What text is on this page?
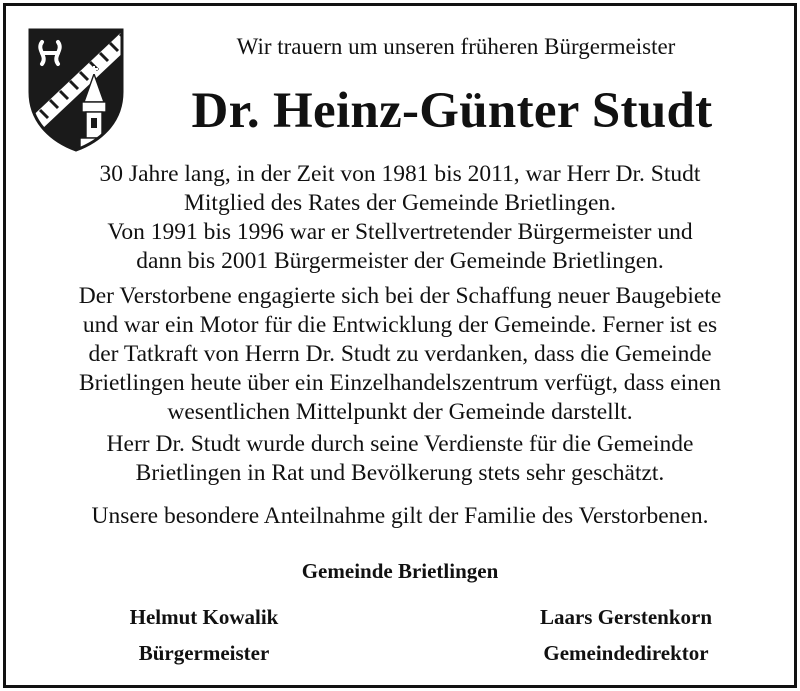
Wir trauern um unseren früheren Bürgermeister

Dr. Heinz-Günter Studt

30 Jahre lang, in der Zeit von 1981 bis 2011, war Herr Dr. Studt
Mitglied des Rates der Gemeinde Brietlingen.
Von 1991 bis 1996 war er Stellvertretender Bürgermeister und
dann bis 2001 Bürgermeister der Gemeinde Brietlingen.

Der Verstorbene engagierte sich bei der Schaffung neuer Baugebiete
und war ein Motor für die Entwicklung der Gemeinde. Ferner ist es
der Tatkraft von Herrn Dr. Studt zu verdanken, dass die Gemeinde
Brietlingen heute über ein Einzelhandelszentrum verfügt, dass einen
wesentlichen Mittelpunkt der Gemeinde darstellt.

Herr Dr. Studt wurde durch seine Verdienste für die Gemeinde
Brietlingen in Rat und Bevölkerung stets sehr geschätzt.

Unsere besondere Anteilnahme gilt der Familie des Verstorbenen.

Gemeinde Brietlingen

Helmut Kowalik
Bürgermeister
Laars Gerstenkorn
Gemeindedirektor
